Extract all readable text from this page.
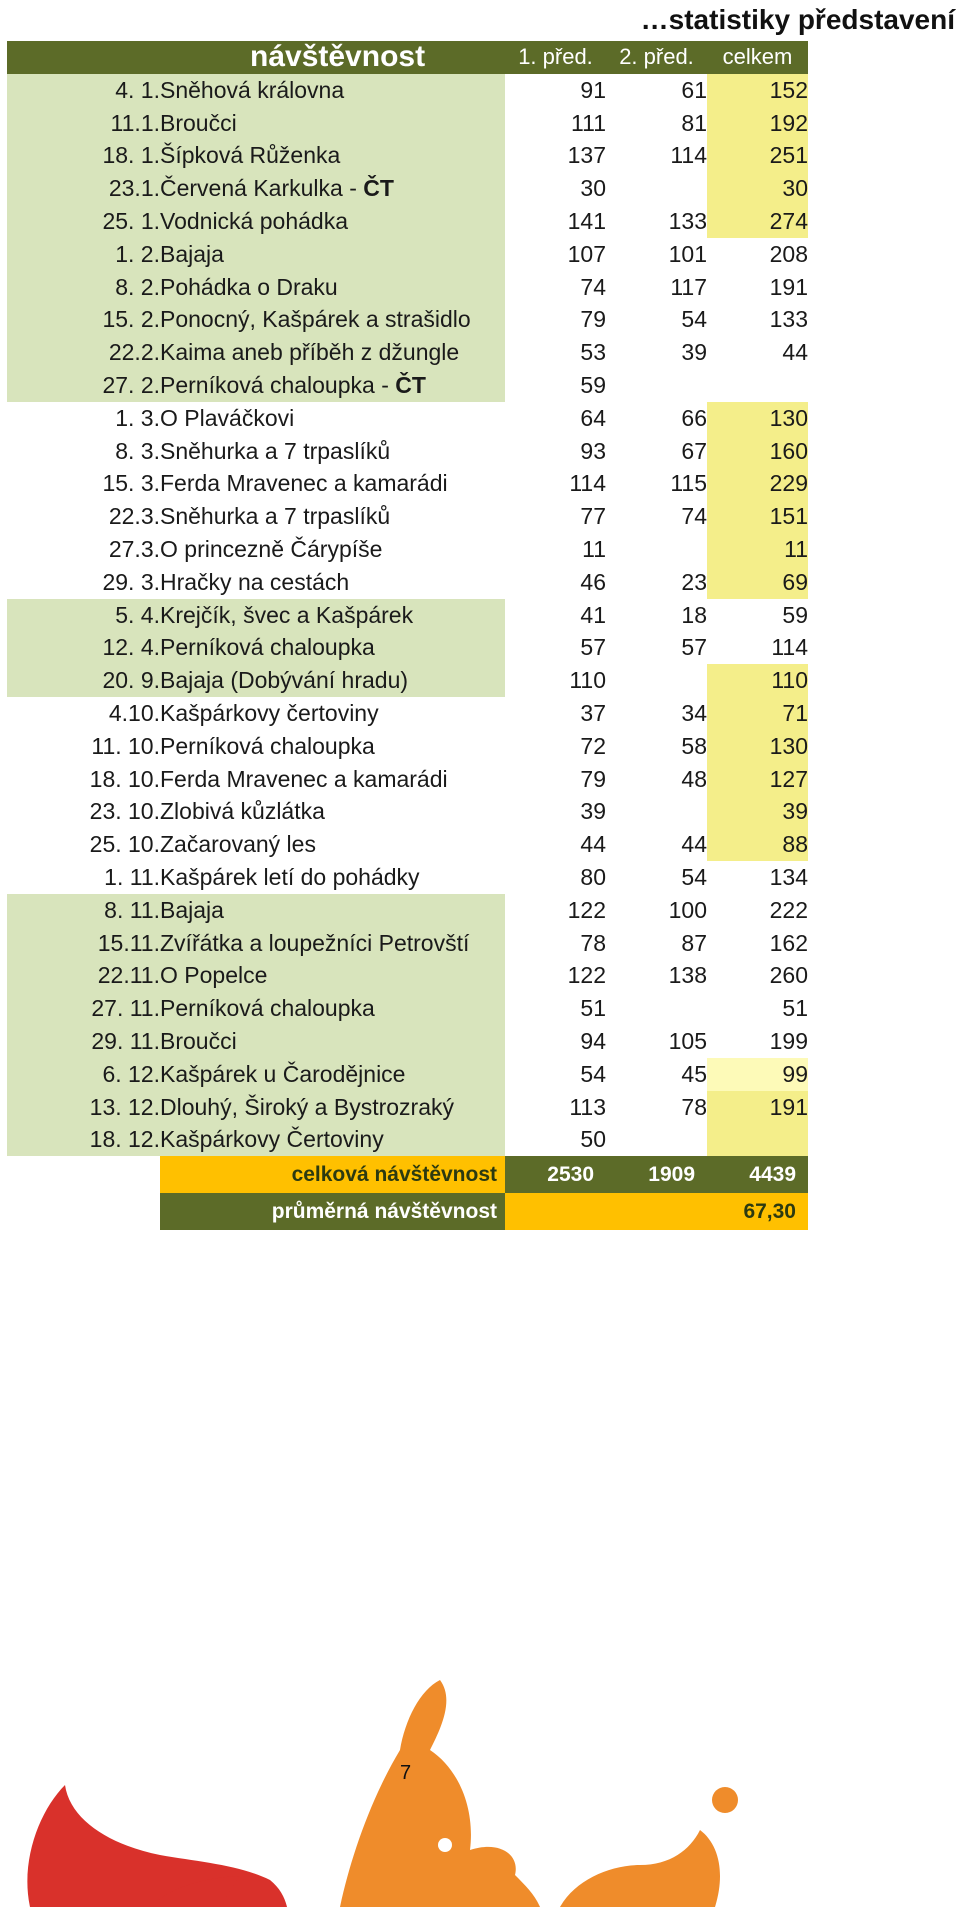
…statistiky představení
	návštěvnost	1. před.	2. před.	celkem
4. 1.	Sněhová královna	91	61	152
11.1.	Broučci	111	81	192
18. 1.	Šípková Růženka	137	114	251
23.1.	Červená Karkulka - ČT	30		30
25. 1.	Vodnická pohádka	141	133	274
1. 2.	Bajaja	107	101	208
8. 2.	Pohádka o Draku	74	117	191
15. 2.	Ponocný, Kašpárek a strašidlo	79	54	133
22.2.	Kaima aneb příběh z džungle	53	39	44
27. 2.	Perníková chaloupka - ČT	59		
1. 3.	O Plaváčkovi	64	66	130
8. 3.	Sněhurka a 7 trpaslíků	93	67	160
15. 3.	Ferda Mravenec a kamarádi	114	115	229
22.3.	Sněhurka a 7 trpaslíků	77	74	151
27.3.	O princezně Čárypíše	11		11
29. 3.	Hračky na cestách	46	23	69
5. 4.	Krejčík, švec a Kašpárek	41	18	59
12. 4.	Perníková chaloupka	57	57	114
20. 9.	Bajaja (Dobývání hradu)	110		110
4.10.	Kašpárkovy čertoviny	37	34	71
11. 10.	Perníková chaloupka	72	58	130
18. 10.	Ferda Mravenec a kamarádi	79	48	127
23. 10.	Zlobivá kůzlátka	39		39
25. 10.	Začarovaný les	44	44	88
1. 11.	Kašpárek letí do pohádky	80	54	134
8. 11.	Bajaja	122	100	222
15.11.	Zvířátka a loupežníci Petrovští	78	87	162
22.11.	O Popelce	122	138	260
27. 11.	Perníková chaloupka	51		51
29. 11.	Broučci	94	105	199
6. 12.	Kašpárek u Čarodějnice	54	45	99
13. 12.	Dlouhý, Široký a Bystrozraký	113	78	191
18. 12.	Kašpárkovy Čertoviny	50		
	celková návštěvnost	2530	1909	4439
	průměrná návštěvnost			67,30
7
